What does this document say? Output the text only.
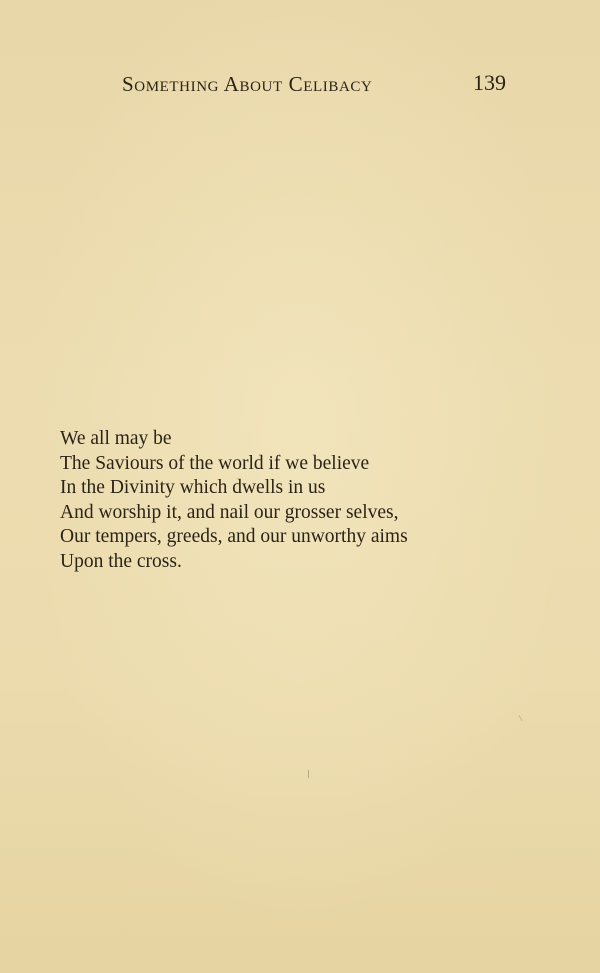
Something About Celibacy	139
We all may be
The Saviours of the world if we believe
In the Divinity which dwells in us
And worship it, and nail our grosser selves,
Our tempers, greeds, and our unworthy aims
Upon the cross.
